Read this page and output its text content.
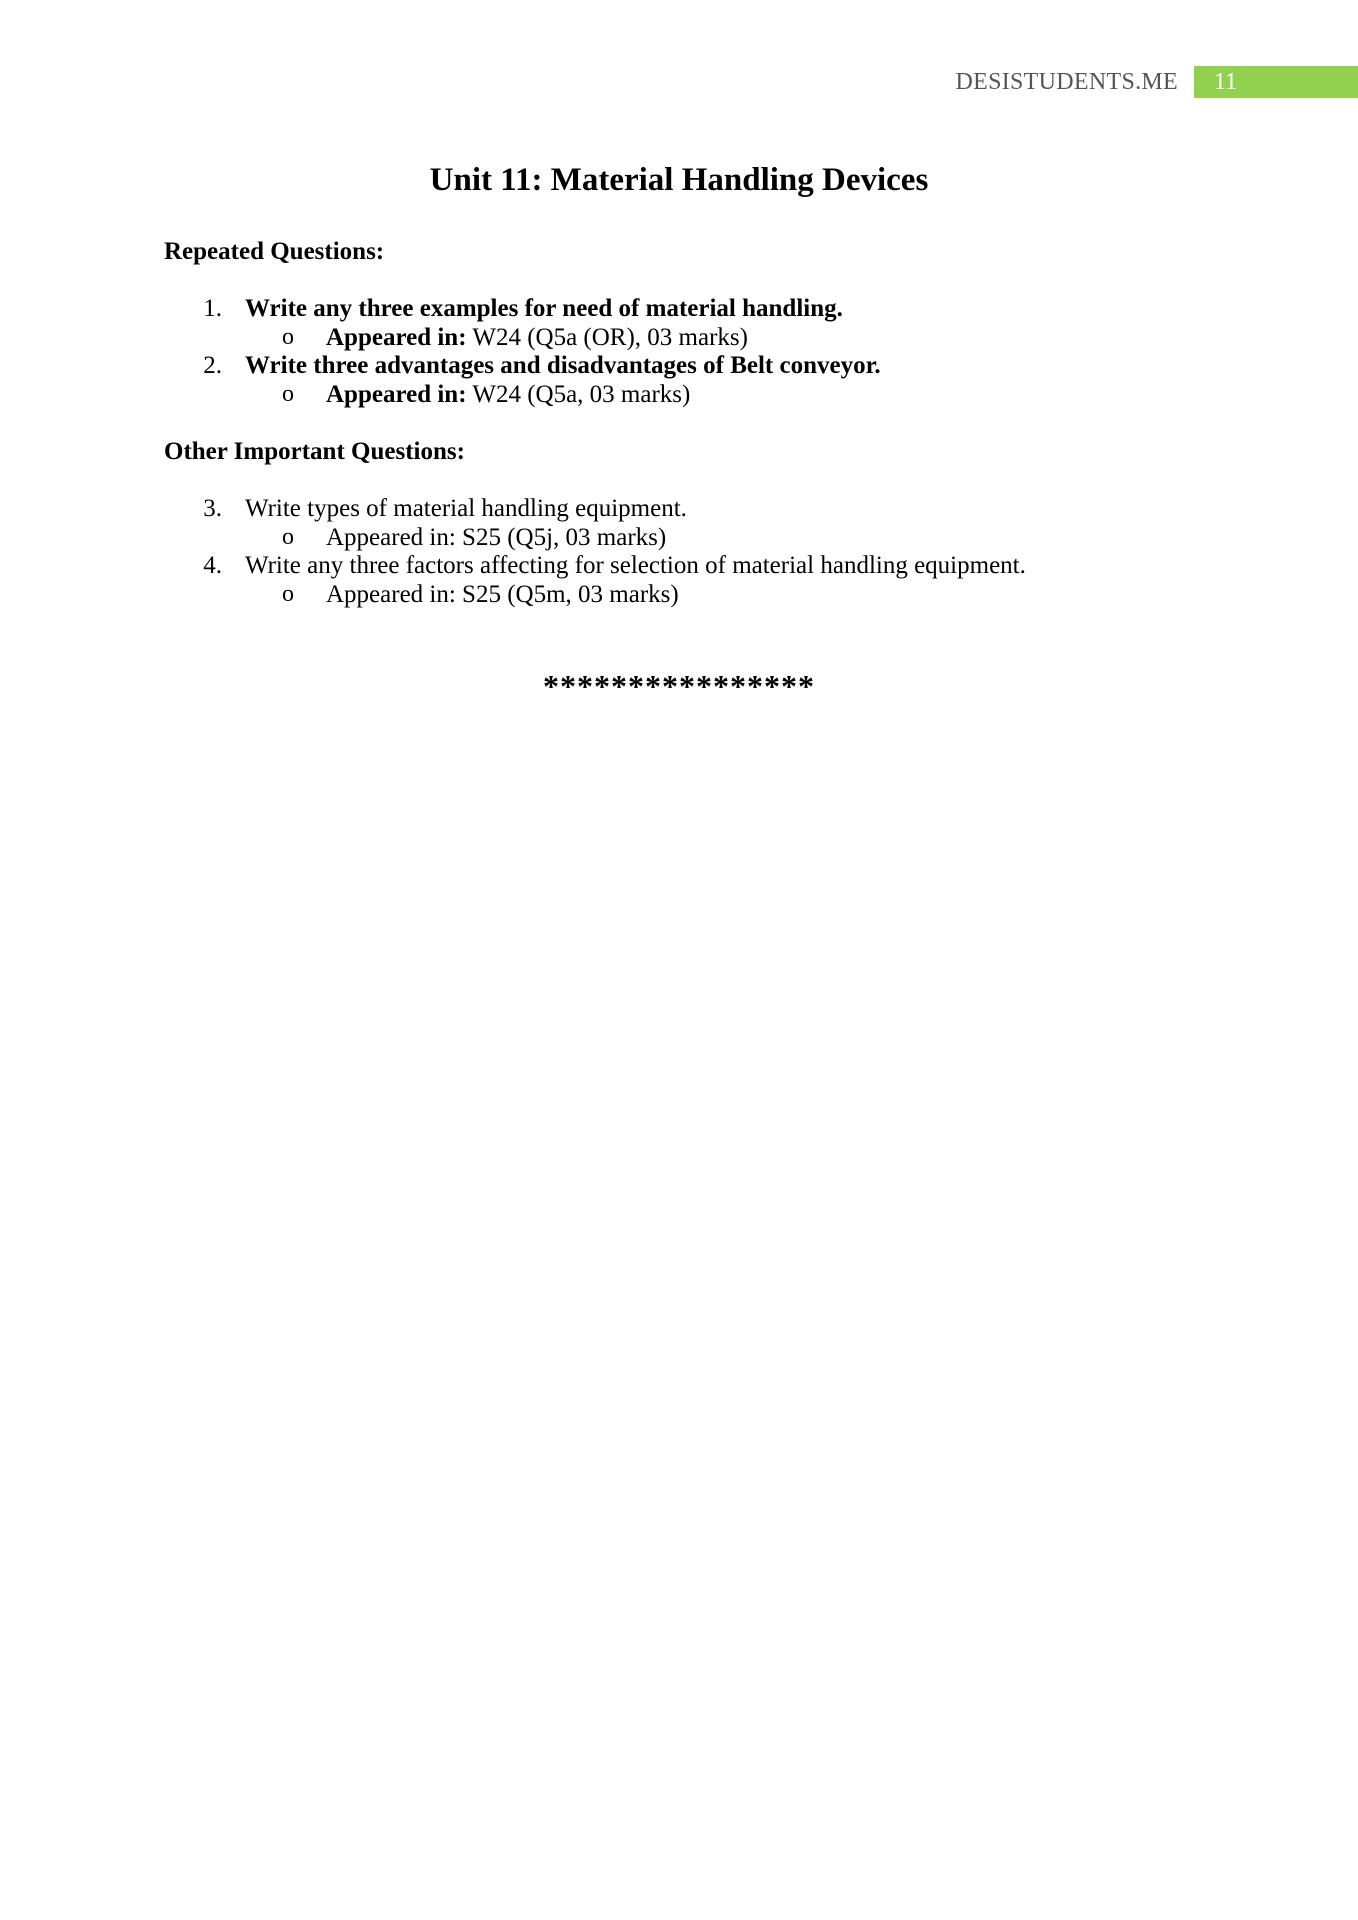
DESISTUDENTS.ME	11
Unit 11: Material Handling Devices
Repeated Questions:
1. Write any three examples for need of material handling.
o Appeared in: W24 (Q5a (OR), 03 marks)
2. Write three advantages and disadvantages of Belt conveyor.
o Appeared in: W24 (Q5a, 03 marks)
Other Important Questions:
3. Write types of material handling equipment.
o Appeared in: S25 (Q5j, 03 marks)
4. Write any three factors affecting for selection of material handling equipment.
o Appeared in: S25 (Q5m, 03 marks)
****************
